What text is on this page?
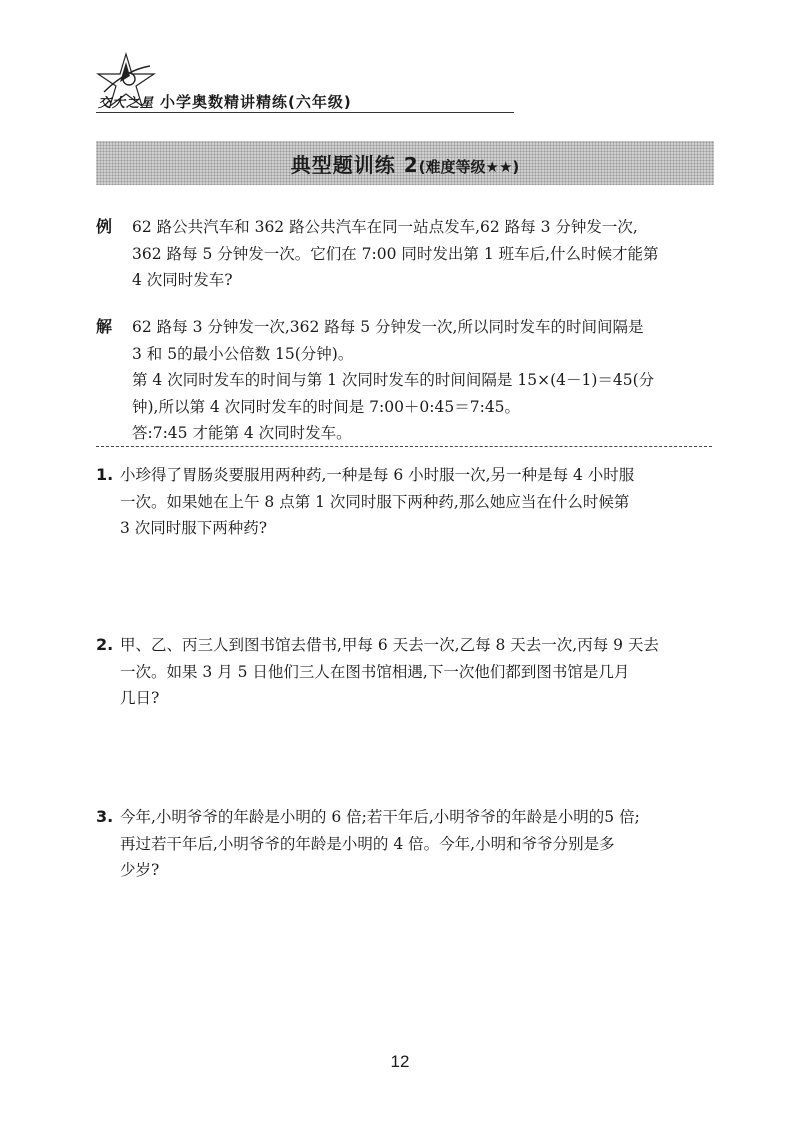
交大之星 小学奥数精讲精练(六年级)
典型题训练 2(难度等级★★)
例	62 路公共汽车和 362 路公共汽车在同一站点发车,62 路每 3 分钟发一次,
362 路每 5 分钟发一次。它们在 7:00 同时发出第 1 班车后,什么时候才能第
4 次同时发车?
解	62 路每 3 分钟发一次,362 路每 5 分钟发一次,所以同时发车的时间间隔是
3 和 5的最小公倍数 15(分钟)。
第 4 次同时发车的时间与第 1 次同时发车的时间间隔是 15×(4－1)＝45(分
钟),所以第 4 次同时发车的时间是 7:00＋0:45＝7:45。
答:7:45 才能第 4 次同时发车。
1. 小珍得了胃肠炎要服用两种药,一种是每 6 小时服一次,另一种是每 4 小时服
一次。如果她在上午 8 点第 1 次同时服下两种药,那么她应当在什么时候第
3 次同时服下两种药?
2. 甲、乙、丙三人到图书馆去借书,甲每 6 天去一次,乙每 8 天去一次,丙每 9 天去
一次。如果 3 月 5 日他们三人在图书馆相遇,下一次他们都到图书馆是几月
几日?
3. 今年,小明爷爷的年龄是小明的 6 倍;若干年后,小明爷爷的年龄是小明的5 倍;
再过若干年后,小明爷爷的年龄是小明的 4 倍。今年,小明和爷爷分别是多
少岁?
12
